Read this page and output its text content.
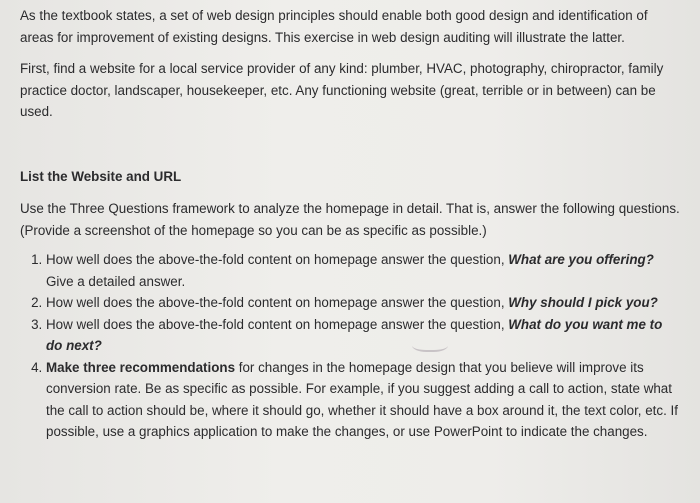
As the textbook states, a set of web design principles should enable both good design and identification of areas for improvement of existing designs. This exercise in web design auditing will illustrate the latter.

First, find a website for a local service provider of any kind: plumber, HVAC, photography, chiropractor, family practice doctor, landscaper, housekeeper, etc. Any functioning website (great, terrible or in between) can be used.

List the Website and URL

Use the Three Questions framework to analyze the homepage in detail. That is, answer the following questions. (Provide a screenshot of the homepage so you can be as specific as possible.)

1. How well does the above-the-fold content on homepage answer the question, What are you offering? Give a detailed answer.
2. How well does the above-the-fold content on homepage answer the question, Why should I pick you?
3. How well does the above-the-fold content on homepage answer the question, What do you want me to do next?
4. Make three recommendations for changes in the homepage design that you believe will improve its conversion rate. Be as specific as possible. For example, if you suggest adding a call to action, state what the call to action should be, where it should go, whether it should have a box around it, the text color, etc. If possible, use a graphics application to make the changes, or use PowerPoint to indicate the changes.
